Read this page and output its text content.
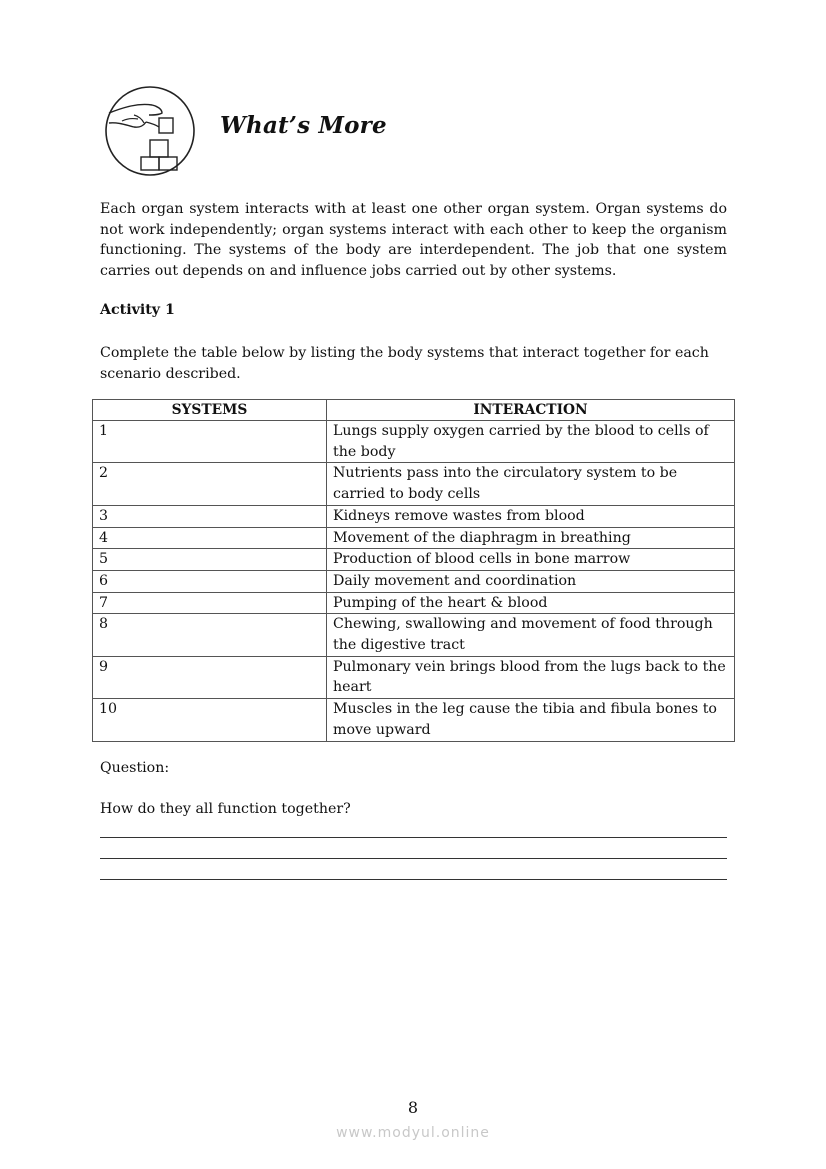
What’s More

Each organ system interacts with at least one other organ system. Organ systems do not work independently; organ systems interact with each other to keep the organism functioning. The systems of the body are interdependent. The job that one system carries out depends on and influence jobs carried out by other systems.

Activity 1

Complete the table below by listing the body systems that interact together for each scenario described.

SYSTEMS	INTERACTION
1	Lungs supply oxygen carried by the blood to cells of the body
2	Nutrients pass into the circulatory system to be carried to body cells
3	Kidneys remove wastes from blood
4	Movement of the diaphragm in breathing
5	Production of blood cells in bone marrow
6	Daily movement and coordination
7	Pumping of the heart & blood
8	Chewing, swallowing and movement of food through the digestive tract
9	Pulmonary vein brings blood from the lugs back to the heart
10	Muscles in the leg cause the tibia and fibula bones to move upward
Question:
How do they all function together?
8
www.modyul.online
